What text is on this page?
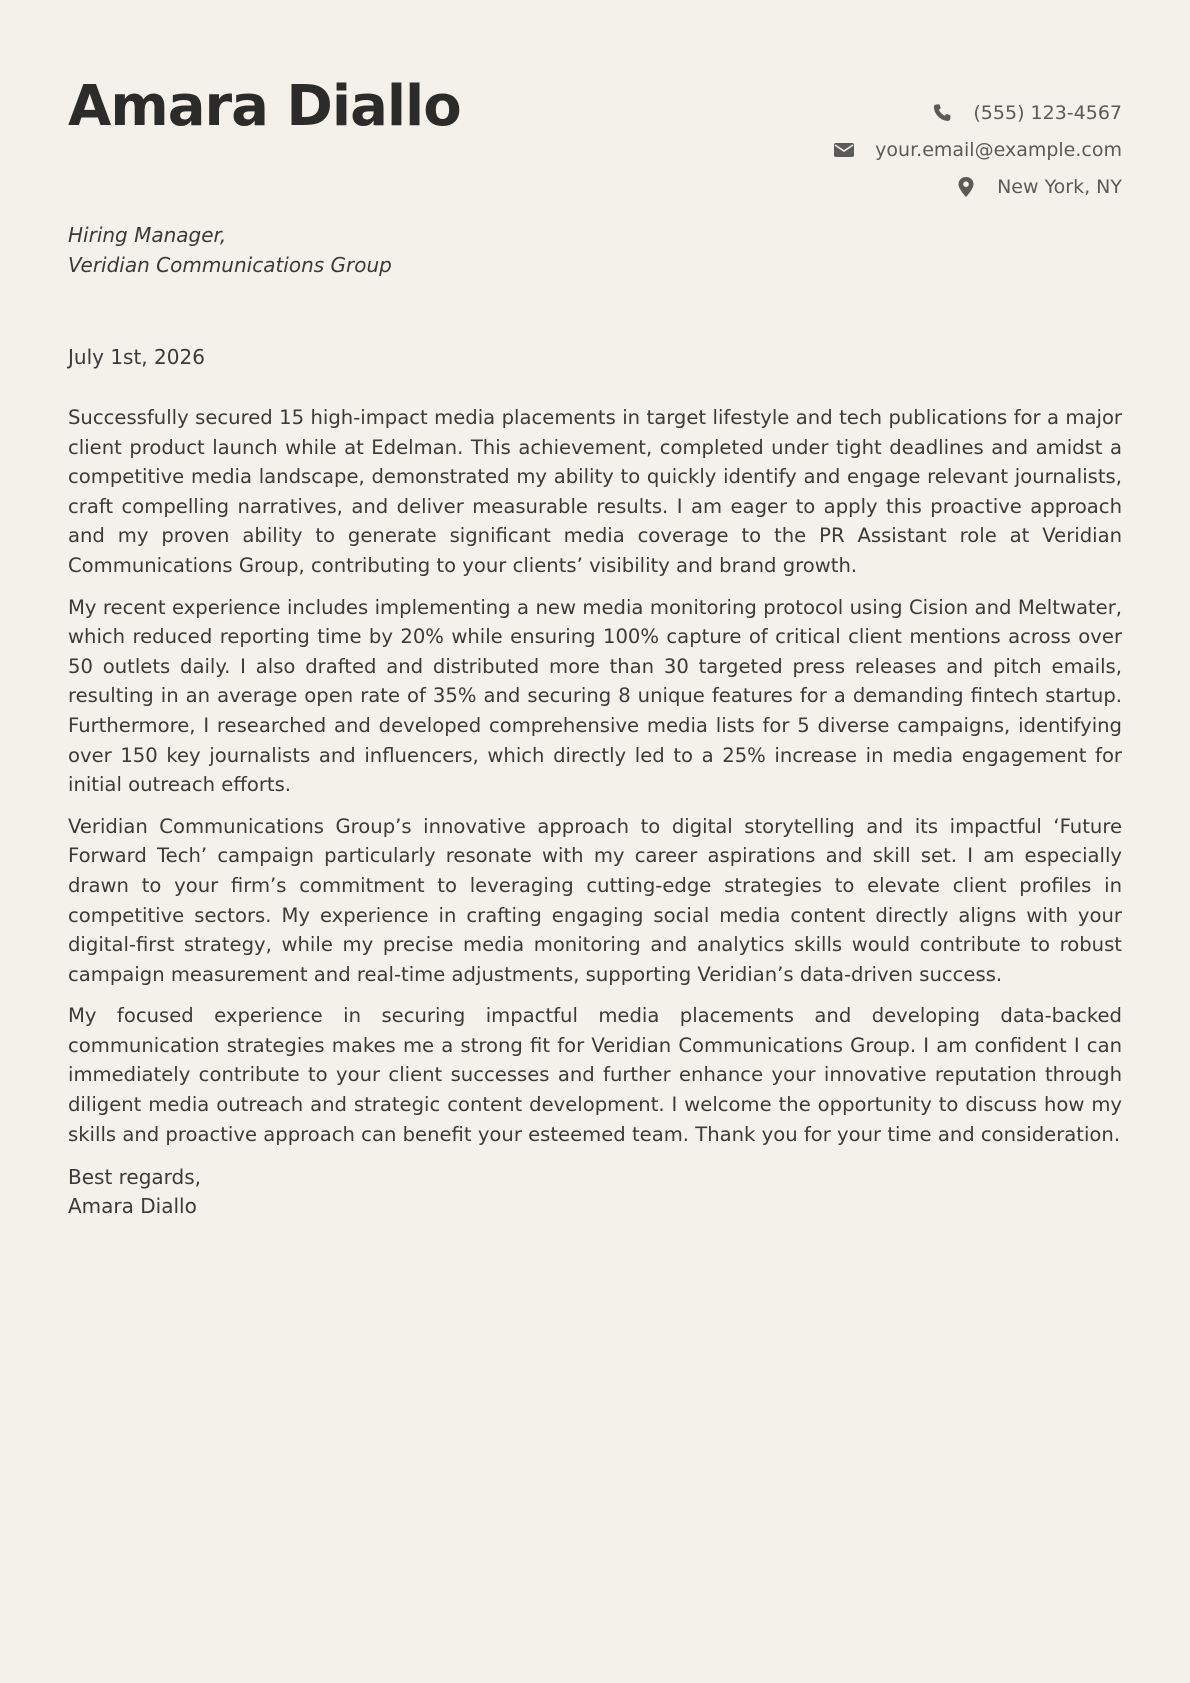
Amara Diallo	(555) 123-4567
your.email@example.com
New York, NY
Hiring Manager,
Veridian Communications Group
July 1st, 2026

Successfully secured 15 high-impact media placements in target lifestyle and tech publications for a major client product launch while at Edelman. This achievement, completed under tight deadlines and amidst a competitive media landscape, demonstrated my ability to quickly identify and engage relevant journalists, craft compelling narratives, and deliver measurable results. I am eager to apply this proactive approach and my proven ability to generate significant media coverage to the PR Assistant role at Veridian Communications Group, contributing to your clients’ visibility and brand growth.

My recent experience includes implementing a new media monitoring protocol using Cision and Meltwater, which reduced reporting time by 20% while ensuring 100% capture of critical client mentions across over 50 outlets daily. I also drafted and distributed more than 30 targeted press releases and pitch emails, resulting in an average open rate of 35% and securing 8 unique features for a demanding fintech startup. Furthermore, I researched and developed comprehensive media lists for 5 diverse campaigns, identifying over 150 key journalists and influencers, which directly led to a 25% increase in media engagement for initial outreach efforts.

Veridian Communications Group’s innovative approach to digital storytelling and its impactful ‘Future Forward Tech’ campaign particularly resonate with my career aspirations and skill set. I am especially drawn to your firm’s commitment to leveraging cutting-edge strategies to elevate client profiles in competitive sectors. My experience in crafting engaging social media content directly aligns with your digital-first strategy, while my precise media monitoring and analytics skills would contribute to robust campaign measurement and real-time adjustments, supporting Veridian’s data-driven success.

My focused experience in securing impactful media placements and developing data-backed communication strategies makes me a strong fit for Veridian Communications Group. I am confident I can immediately contribute to your client successes and further enhance your innovative reputation through diligent media outreach and strategic content development. I welcome the opportunity to discuss how my skills and proactive approach can benefit your esteemed team. Thank you for your time and consideration.

Best regards,
Amara Diallo
